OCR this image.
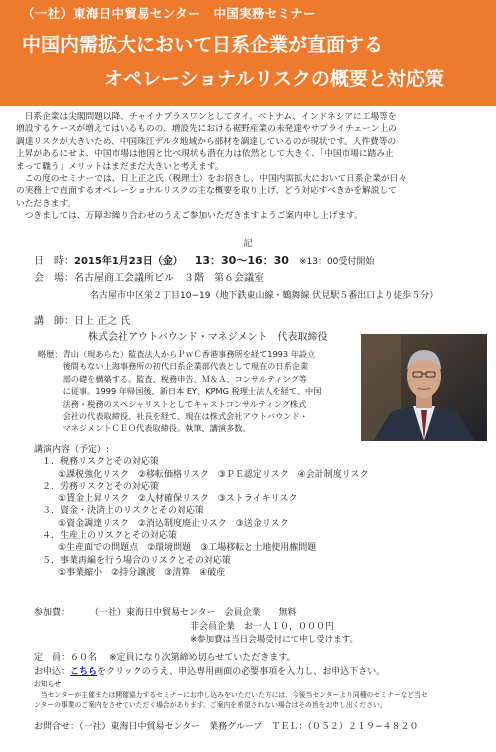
（一社）東海日中貿易センター　中国実務セミナー
中国内需拡大において日系企業が直面する
オペレーショナルリスクの概要と対応策

　日系企業は尖閣問題以降、チャイナプラスワンとしてタイ、ベトナム、インドネシアに工場等を

増設するケースが増えてはいるものの、増設先における裾野産業の未発達やサプライチェーン上の

調達リスクが大きいため、中国珠江デルタ地域から部材を調達しているのが現状です。人件費等の

上昇があるにせよ、中国市場は他国と比べ現状も潜在力は依然として大きく、「中国市場に踏み止

まって職う」メリットはまだまだ大きいと考えます。

　この度のセミナーでは、日上正之氏（税理士）をお招きし、中国内需拡大において日系企業が日々

の実務上で直面するオペレーショナルリスクの主な概要を取り上げ、どう対応すべきかを解説して

いただきます。

　つきましては、万障お繰り合わせのうえご参加いただきますようご案内申し上げます。

記
日　時：2015年1月23日（金） 13：30〜16：30 ※13：00受付開始
会　場：名古屋商工会議所ビル　３階　第６会議室
名古屋市中区栄２丁目10−19（地下鉄東山線・鶴舞線 伏見駅５番出口より徒歩５分）
講　師：日上 正之 氏
株式会社アウトバウンド・マネジメント　代表取締役

略歴：青山（現あらた）監査法人からＰｗＣ香港事務所を経て1993 年設立

　　　後間もない上海事務所の初代日系企業部代表として現在の日系企業

　　　部の礎を構築する。監査、税務申告、Ｍ＆Ａ、コンサルティング等

　　　に従事。1999 年帰国後、新日本 EY、KPMG 税理士法人を経て、中国

　　　法務・税務のスペシャリストとしてキャストコンサルティング株式

　　　会社の代表取締役、社長を経て、現在は株式会社アウトバウンド・

　　　マネジメントＣＥＯ代表取締役。執筆、講演多数。

講演内容（予定）:
１．税務リスクとその対応策
①課税強化リスク　②移転価格リスク　③ＰＥ認定リスク　④会計制度リスク
２．労務リスクとその対応策
①賃金上昇リスク　②人材確保リスク　③ストライキリスク
３．資金・決済上のリスクとその対応策
①資金調達リスク　②消込制度廃止リスク　③送金リスク
４．生産上のリスクとその対応策
①生産面での問題点　②環境問題　③工場移転と土地使用権問題
５．事業再編を行う場合のリスクとその対応策
①事業縮小　②持分譲渡　③清算　④破産
参加費： （一社）東海日中貿易センター　会員企業　　無料
非会員企業　お一人１０，０００円
※参加費は当日会場受付にて申し受けます。
定　員：６０名 ※定員になり次第締め切らせていただきます。
お申込：こちらをクリックのうえ、申込専用画面の必要事項を入力し、お申込下さい。
お知らせ
　当センターが主催または開催協力するセミナーにお申し込みをいただいた方には、今後当センターより同種のセミナーなど当セ
ンターの事業のご案内をさせていただく場合があります。ご案内を希望されない場合はその旨をお申し出ください。
お問合せ：（一社）東海日中貿易センター　業務グループ　ＴＥＬ：（０５２）２１９−４８２０
